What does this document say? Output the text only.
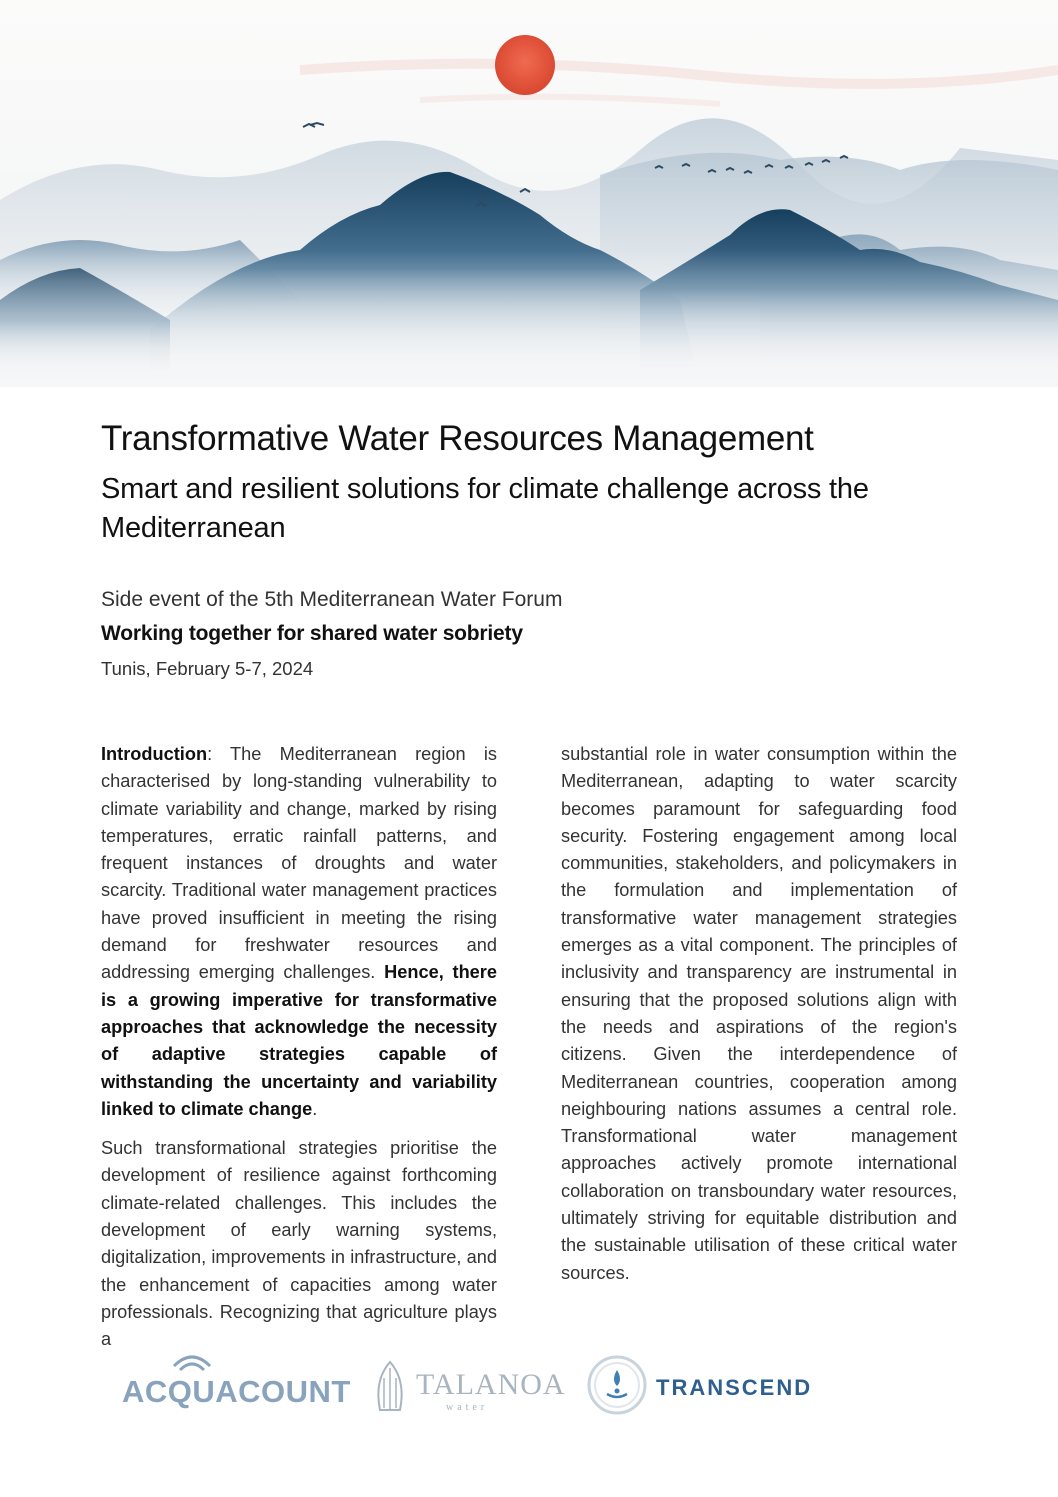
Transformative Water Resources Management
Smart and resilient solutions for climate challenge across the Mediterranean
Side event of the 5th Mediterranean Water Forum
Working together for shared water sobriety
Tunis, February 5-7, 2024

Introduction: The Mediterranean region is characterised by long-standing vulnerability to climate variability and change, marked by rising temperatures, erratic rainfall patterns, and frequent instances of droughts and water scarcity. Traditional water management practices have proved insufficient in meeting the rising demand for freshwater resources and addressing emerging challenges. Hence, there is a growing imperative for transformative approaches that acknowledge the necessity of adaptive strategies capable of withstanding the uncertainty and variability linked to climate change.

Such transformational strategies prioritise the development of resilience against forthcoming climate-related challenges. This includes the development of early warning systems, digitalization, improvements in infrastructure, and the enhancement of capacities among water professionals. Recognizing that agriculture plays a

substantial role in water consumption within the Mediterranean, adapting to water scarcity becomes paramount for safeguarding food security. Fostering engagement among local communities, stakeholders, and policymakers in the formulation and implementation of transformative water management strategies emerges as a vital component. The principles of inclusivity and transparency are instrumental in ensuring that the proposed solutions align with the needs and aspirations of the region's citizens. Given the interdependence of Mediterranean countries, cooperation among neighbouring nations assumes a central role. Transformational water management approaches actively promote international collaboration on transboundary water resources, ultimately striving for equitable distribution and the sustainable utilisation of these critical water sources.

ACQUACOUNT TALANOA
water
TRANSCEND
